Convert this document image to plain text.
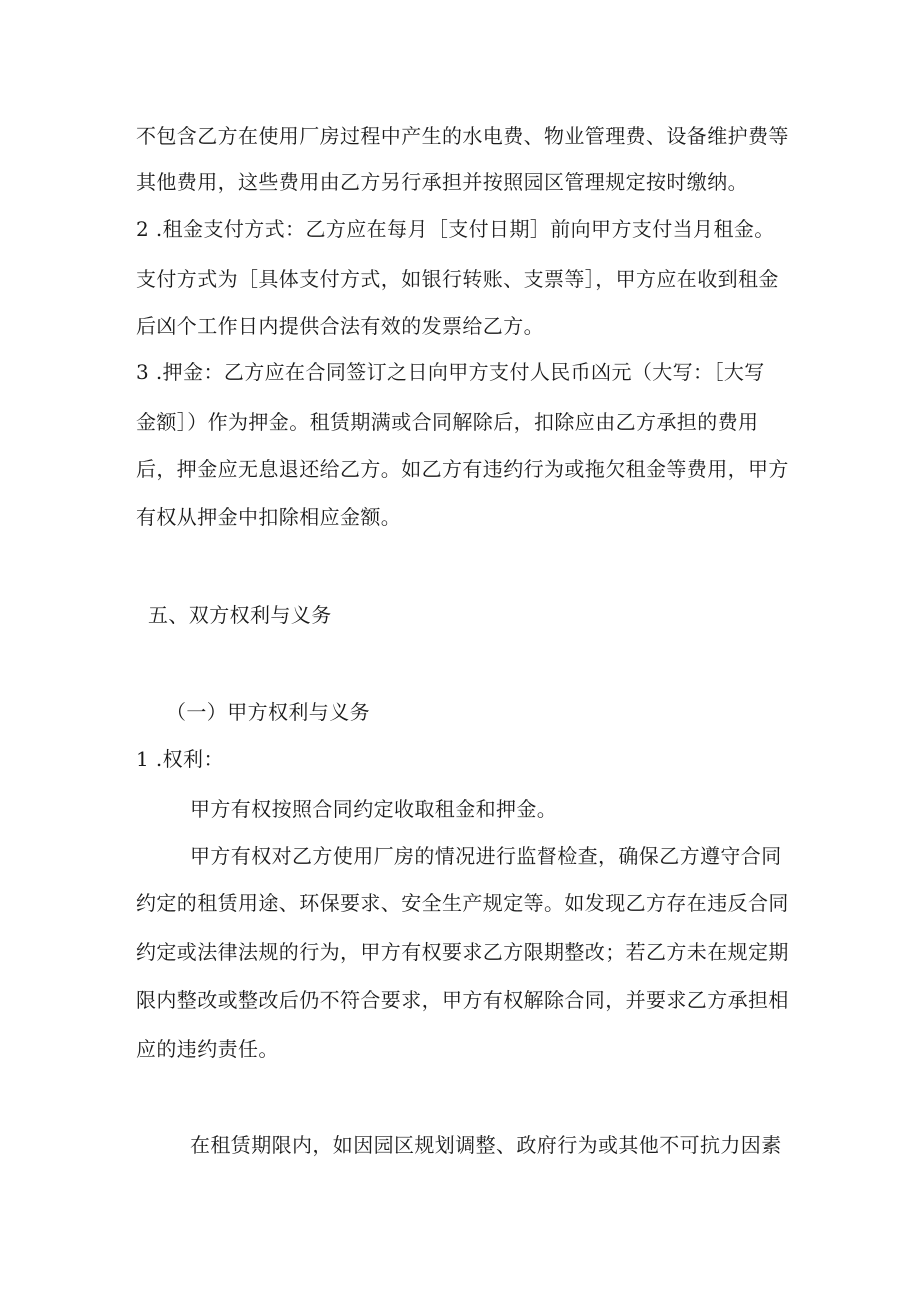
不包含乙方在使用厂房过程中产生的水电费、物业管理费、设备维护费等
其他费用，这些费用由乙方另行承担并按照园区管理规定按时缴纳。
2 .租金支付方式：乙方应在每月［支付日期］前向甲方支付当月租金。
支付方式为［具体支付方式，如银行转账、支票等］，甲方应在收到租金
后凶个工作日内提供合法有效的发票给乙方。
3 .押金：乙方应在合同签订之日向甲方支付人民币凶元（大写：［大写
金额］）作为押金。租赁期满或合同解除后，扣除应由乙方承担的费用
后，押金应无息退还给乙方。如乙方有违约行为或拖欠租金等费用，甲方
有权从押金中扣除相应金额。
五、双方权利与义务
（一）甲方权利与义务
1 .权利：
甲方有权按照合同约定收取租金和押金。
甲方有权对乙方使用厂房的情况进行监督检查，确保乙方遵守合同
约定的租赁用途、环保要求、安全生产规定等。如发现乙方存在违反合同
约定或法律法规的行为，甲方有权要求乙方限期整改；若乙方未在规定期
限内整改或整改后仍不符合要求，甲方有权解除合同，并要求乙方承担相
应的违约责任。
在租赁期限内，如因园区规划调整、政府行为或其他不可抗力因素
